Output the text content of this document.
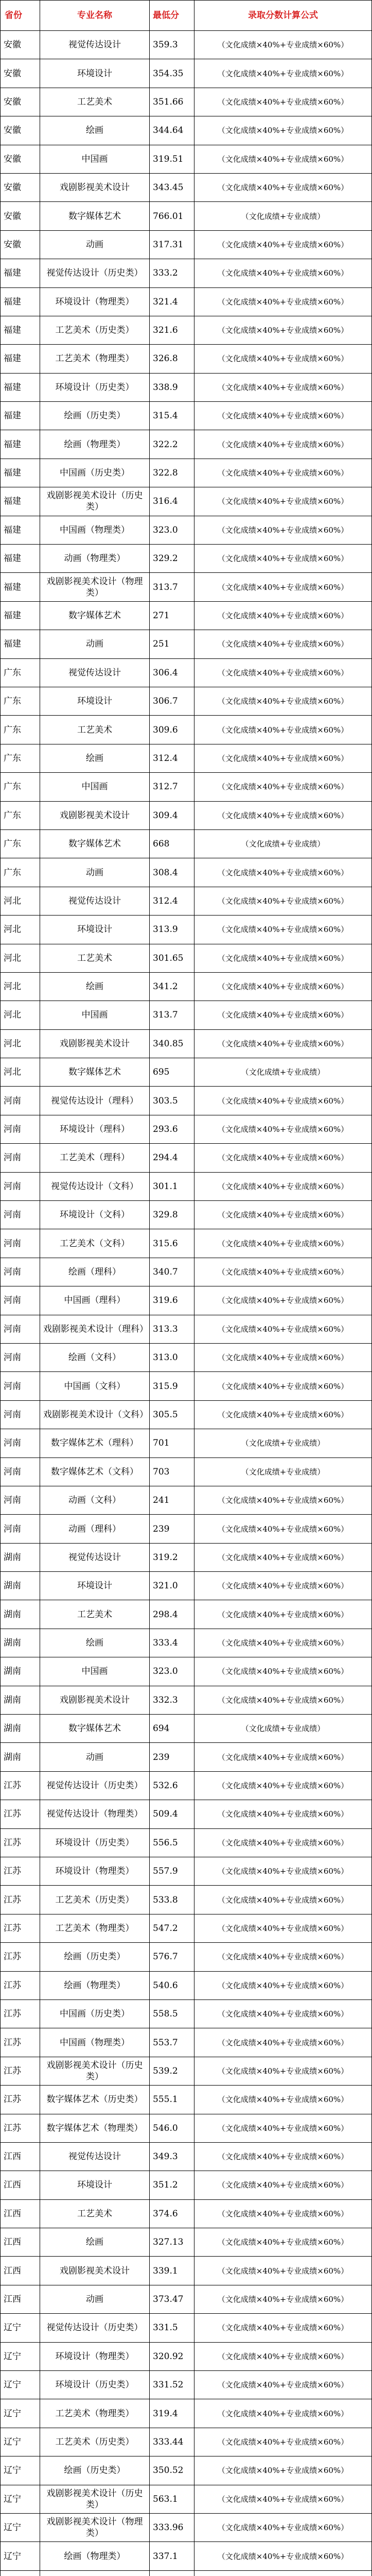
省份	专业名称	最低分	录取分数计算公式
安徽	视觉传达设计	359.3	（文化成绩×40%+专业成绩×60%）
安徽	环境设计	354.35	（文化成绩×40%+专业成绩×60%）
安徽	工艺美术	351.66	（文化成绩×40%+专业成绩×60%）
安徽	绘画	344.64	（文化成绩×40%+专业成绩×60%）
安徽	中国画	319.51	（文化成绩×40%+专业成绩×60%）
安徽	戏剧影视美术设计	343.45	（文化成绩×40%+专业成绩×60%）
安徽	数字媒体艺术	766.01	（文化成绩+专业成绩）
安徽	动画	317.31	（文化成绩×40%+专业成绩×60%）
福建	视觉传达设计（历史类）	333.2	（文化成绩×40%+专业成绩×60%）
福建	环境设计（物理类）	321.4	（文化成绩×40%+专业成绩×60%）
福建	工艺美术（历史类）	321.6	（文化成绩×40%+专业成绩×60%）
福建	工艺美术（物理类）	326.8	（文化成绩×40%+专业成绩×60%）
福建	环境设计（历史类）	338.9	（文化成绩×40%+专业成绩×60%）
福建	绘画（历史类）	315.4	（文化成绩×40%+专业成绩×60%）
福建	绘画（物理类）	322.2	（文化成绩×40%+专业成绩×60%）
福建	中国画（历史类）	322.8	（文化成绩×40%+专业成绩×60%）
福建	戏剧影视美术设计（历史类）	316.4	（文化成绩×40%+专业成绩×60%）
福建	中国画（物理类）	323.0	（文化成绩×40%+专业成绩×60%）
福建	动画（物理类）	329.2	（文化成绩×40%+专业成绩×60%）
福建	戏剧影视美术设计（物理类）	313.7	（文化成绩×40%+专业成绩×60%）
福建	数字媒体艺术	271	（文化成绩×40%+专业成绩×60%）
福建	动画	251	（文化成绩×40%+专业成绩×60%）
广东	视觉传达设计	306.4	（文化成绩×40%+专业成绩×60%）
广东	环境设计	306.7	（文化成绩×40%+专业成绩×60%）
广东	工艺美术	309.6	（文化成绩×40%+专业成绩×60%）
广东	绘画	312.4	（文化成绩×40%+专业成绩×60%）
广东	中国画	312.7	（文化成绩×40%+专业成绩×60%）
广东	戏剧影视美术设计	309.4	（文化成绩×40%+专业成绩×60%）
广东	数字媒体艺术	668	（文化成绩+专业成绩）
广东	动画	308.4	（文化成绩×40%+专业成绩×60%）
河北	视觉传达设计	312.4	（文化成绩×40%+专业成绩×60%）
河北	环境设计	313.9	（文化成绩×40%+专业成绩×60%）
河北	工艺美术	301.65	（文化成绩×40%+专业成绩×60%）
河北	绘画	341.2	（文化成绩×40%+专业成绩×60%）
河北	中国画	313.7	（文化成绩×40%+专业成绩×60%）
河北	戏剧影视美术设计	340.85	（文化成绩×40%+专业成绩×60%）
河北	数字媒体艺术	695	（文化成绩+专业成绩）
河南	视觉传达设计（理科）	303.5	（文化成绩×40%+专业成绩×60%）
河南	环境设计（理科）	293.6	（文化成绩×40%+专业成绩×60%）
河南	工艺美术（理科）	294.4	（文化成绩×40%+专业成绩×60%）
河南	视觉传达设计（文科）	301.1	（文化成绩×40%+专业成绩×60%）
河南	环境设计（文科）	329.8	（文化成绩×40%+专业成绩×60%）
河南	工艺美术（文科）	315.6	（文化成绩×40%+专业成绩×60%）
河南	绘画（理科）	340.7	（文化成绩×40%+专业成绩×60%）
河南	中国画（理科）	319.6	（文化成绩×40%+专业成绩×60%）
河南	戏剧影视美术设计（理科）	313.3	（文化成绩×40%+专业成绩×60%）
河南	绘画（文科）	313.0	（文化成绩×40%+专业成绩×60%）
河南	中国画（文科）	315.9	（文化成绩×40%+专业成绩×60%）
河南	戏剧影视美术设计（文科）	305.5	（文化成绩×40%+专业成绩×60%）
河南	数字媒体艺术（理科）	701	（文化成绩+专业成绩）
河南	数字媒体艺术（文科）	703	（文化成绩+专业成绩）
河南	动画（文科）	241	（文化成绩×40%+专业成绩×60%）
河南	动画（理科）	239	（文化成绩×40%+专业成绩×60%）
湖南	视觉传达设计	319.2	（文化成绩×40%+专业成绩×60%）
湖南	环境设计	321.0	（文化成绩×40%+专业成绩×60%）
湖南	工艺美术	298.4	（文化成绩×40%+专业成绩×60%）
湖南	绘画	333.4	（文化成绩×40%+专业成绩×60%）
湖南	中国画	323.0	（文化成绩×40%+专业成绩×60%）
湖南	戏剧影视美术设计	332.3	（文化成绩×40%+专业成绩×60%）
湖南	数字媒体艺术	694	（文化成绩+专业成绩）
湖南	动画	239	（文化成绩×40%+专业成绩×60%）
江苏	视觉传达设计（历史类）	532.6	（文化成绩×40%+专业成绩×60%）
江苏	视觉传达设计（物理类）	509.4	（文化成绩×40%+专业成绩×60%）
江苏	环境设计（历史类）	556.5	（文化成绩×40%+专业成绩×60%）
江苏	环境设计（物理类）	557.9	（文化成绩×40%+专业成绩×60%）
江苏	工艺美术（历史类）	533.8	（文化成绩×40%+专业成绩×60%）
江苏	工艺美术（物理类）	547.2	（文化成绩×40%+专业成绩×60%）
江苏	绘画（历史类）	576.7	（文化成绩×40%+专业成绩×60%）
江苏	绘画（物理类）	540.6	（文化成绩×40%+专业成绩×60%）
江苏	中国画（历史类）	558.5	（文化成绩×40%+专业成绩×60%）
江苏	中国画（物理类）	553.7	（文化成绩×40%+专业成绩×60%）
江苏	戏剧影视美术设计（历史类）	539.2	（文化成绩×40%+专业成绩×60%）
江苏	数字媒体艺术（历史类）	555.1	（文化成绩×40%+专业成绩×60%）
江苏	数字媒体艺术（物理类）	546.0	（文化成绩×40%+专业成绩×60%）
江西	视觉传达设计	349.3	（文化成绩×40%+专业成绩×60%）
江西	环境设计	351.2	（文化成绩×40%+专业成绩×60%）
江西	工艺美术	374.6	（文化成绩×40%+专业成绩×60%）
江西	绘画	327.13	（文化成绩×40%+专业成绩×60%）
江西	戏剧影视美术设计	339.1	（文化成绩×40%+专业成绩×60%）
江西	动画	373.47	（文化成绩×40%+专业成绩×60%）
辽宁	视觉传达设计（历史类）	331.5	（文化成绩×40%+专业成绩×60%）
辽宁	环境设计（物理类）	320.92	（文化成绩×40%+专业成绩×60%）
辽宁	环境设计（历史类）	331.52	（文化成绩×40%+专业成绩×60%）
辽宁	工艺美术（物理类）	319.4	（文化成绩×40%+专业成绩×60%）
辽宁	工艺美术（历史类）	333.44	（文化成绩×40%+专业成绩×60%）
辽宁	绘画（历史类）	350.52	（文化成绩×40%+专业成绩×60%）
辽宁	戏剧影视美术设计（历史类）	563.1	（文化成绩×40%+专业成绩×60%）
辽宁	戏剧影视美术设计（物理类）	333.96	（文化成绩×40%+专业成绩×60%）
辽宁	绘画（物理类）	337.1	（文化成绩×40%+专业成绩×60%）
